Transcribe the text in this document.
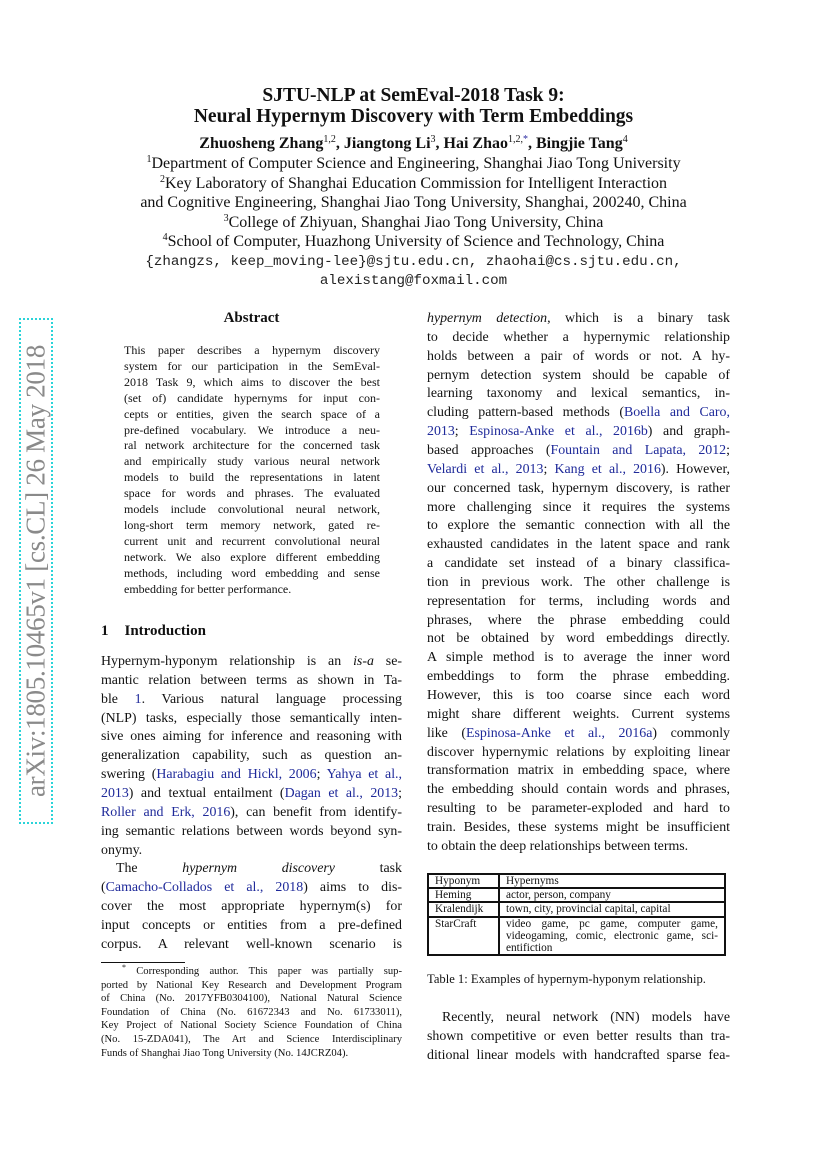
arXiv:1805.10465v1 [cs.CL] 26 May 2018
SJTU-NLP at SemEval-2018 Task 9:
Neural Hypernym Discovery with Term Embeddings
Zhuosheng Zhang$^{1,2}$, Jiangtong Li$^3$, Hai Zhao$^{1,2,*}$, Bingjie Tang$^4$
$^1$Department of Computer Science and Engineering, Shanghai Jiao Tong University
$^2$Key Laboratory of Shanghai Education Commission for Intelligent Interaction
and Cognitive Engineering, Shanghai Jiao Tong University, Shanghai, 200240, China
$^3$College of Zhiyuan, Shanghai Jiao Tong University, China
$^4$School of Computer, Huazhong University of Science and Technology, China
{zhangzs, keep_moving-lee}@sjtu.edu.cn, zhaohai@cs.sjtu.edu.cn,
alexistang@foxmail.com
Abstract
This paper describes a hypernym discovery
system for our participation in the SemEval-
2018 Task 9, which aims to discover the best
(set of) candidate hypernyms for input con-
cepts or entities, given the search space of a
pre-defined vocabulary. We introduce a neu-
ral network architecture for the concerned task
and empirically study various neural network
models to build the representations in latent
space for words and phrases. The evaluated
models include convolutional neural network,
long-short term memory network, gated re-
current unit and recurrent convolutional neural
network. We also explore different embedding
methods, including word embedding and sense
embedding for better performance.
1 Introduction
Hypernym-hyponym relationship is an is-a se-
mantic relation between terms as shown in Ta-
ble 1. Various natural language processing
(NLP) tasks, especially those semantically inten-
sive ones aiming for inference and reasoning with
generalization capability, such as question an-
swering (Harabagiu and Hickl, 2006; Yahya et al.,
2013) and textual entailment (Dagan et al., 2013;
Roller and Erk, 2016), can benefit from identify-
ing semantic relations between words beyond syn-
onymy.
The hypernym	discovery task
(Camacho-Collados et al., 2018) aims to dis-
cover the most appropriate hypernym(s) for
input concepts or entities from a pre-defined
corpus. A relevant well-known scenario is
hypernym detection, which is a binary task
to decide whether a hypernymic relationship
holds between a pair of words or not. A hy-
pernym detection system should be capable of
learning taxonomy and lexical semantics, in-
cluding pattern-based methods (Boella and Caro,
2013; Espinosa-Anke et al., 2016b) and graph-
based approaches (Fountain and Lapata, 2012;
Velardi et al., 2013; Kang et al., 2016). However,
our concerned task, hypernym discovery, is rather
more challenging since it requires the systems
to explore the semantic connection with all the
exhausted candidates in the latent space and rank
a candidate set instead of a binary classifica-
tion in previous work. The other challenge is
representation for terms, including words and
phrases, where the phrase embedding could
not be obtained by word embeddings directly.
A simple method is to average the inner word
embeddings to form the phrase embedding.
However, this is too coarse since each word
might share different weights. Current systems
like (Espinosa-Anke et al., 2016a) commonly
discover hypernymic relations by exploiting linear
transformation matrix in embedding space, where
the embedding should contain words and phrases,
resulting to be parameter-exploded and hard to
train. Besides, these systems might be insufficient
to obtain the deep relationships between terms.
Recently, neural network (NN) models have
shown competitive or even better results than tra-
ditional linear models with handcrafted sparse fea-
Hyponym	Hypernyms
Heming	actor, person, company
Kralendijk	town, city, provincial capital, capital
StarCraft	video game, pc game, computer game, videogaming, comic, electronic game, sci-entifiction
Table 1: Examples of hypernym-hyponym relationship.
* Corresponding author. This paper was partially sup-
ported by National Key Research and Development Program
of China (No. 2017YFB0304100), National Natural Science
Foundation of China (No. 61672343 and No. 61733011),
Key Project of National Society Science Foundation of China
(No. 15-ZDA041), The Art and Science Interdisciplinary
Funds of Shanghai Jiao Tong University (No. 14JCRZ04).
